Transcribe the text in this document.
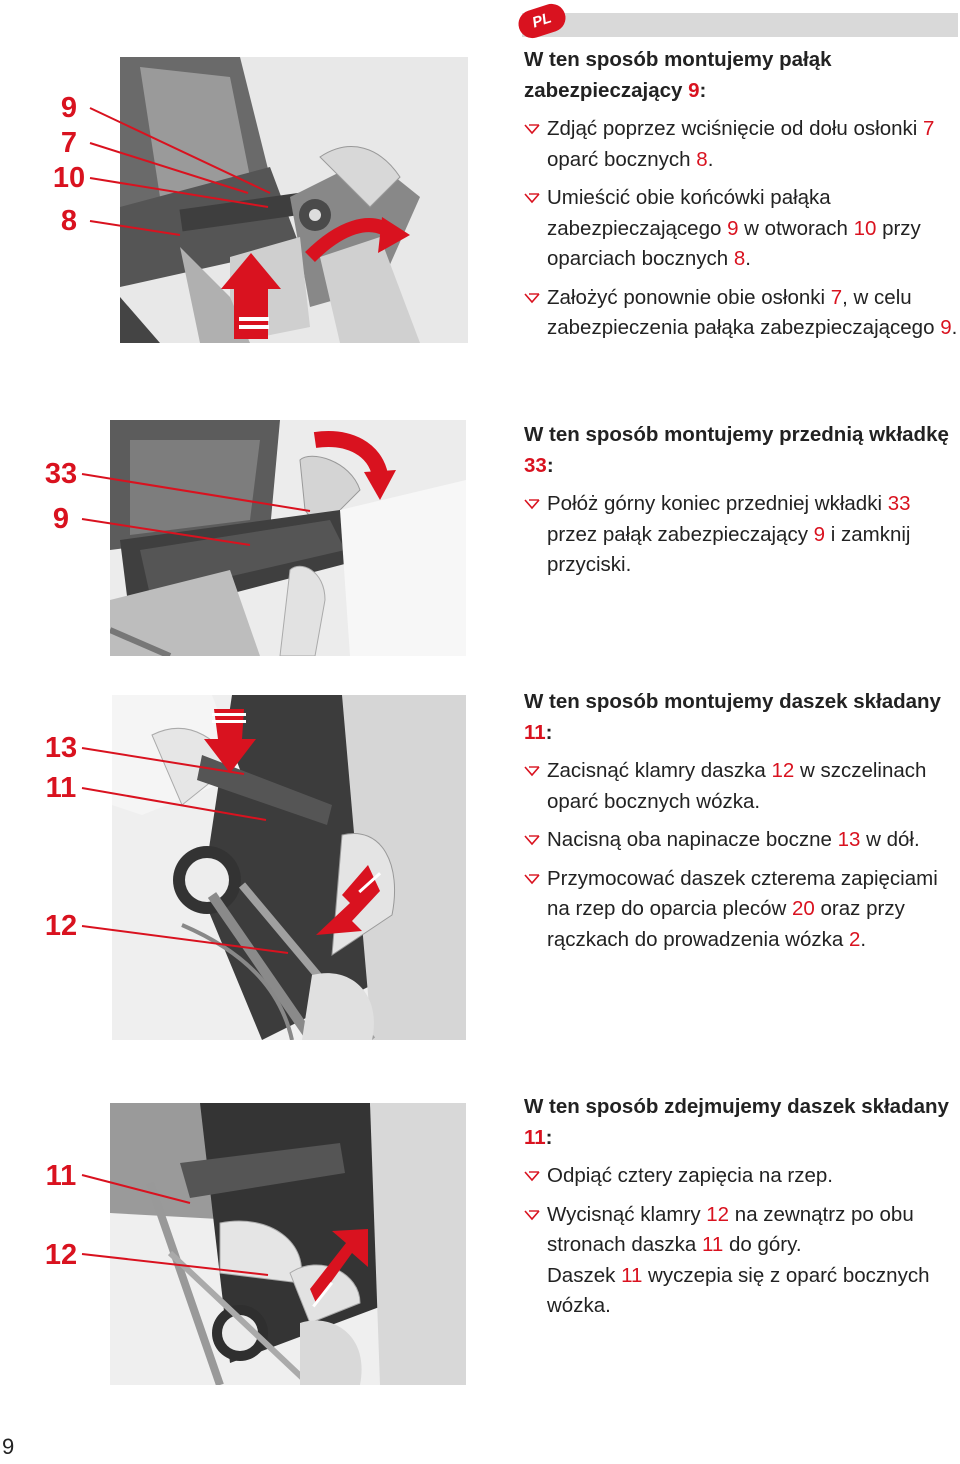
PL
9
7
10
8
W ten sposób montujemy pałąk zabezpieczający 9:
Zdjąć poprzez wciśnięcie od dołu osłonki 7 oparć bocznych 8.
Umieścić obie końcówki pałąka zabezpieczającego 9 w otworach 10 przy oparciach bocznych 8.
Założyć ponownie obie osłonki 7, w celu zabezpieczenia pałąka zabezpieczającego 9.
33
9
W ten sposób montujemy przednią wkładkę 33:
Połóż górny koniec przedniej wkładki 33 przez pałąk zabezpieczający 9 i zamknij przyciski.
13
11
12
W ten sposób montujemy daszek składany 11:
Zacisnąć klamry daszka 12 w szczelinach oparć bocznych wózka.
Nacisną oba napinacze boczne 13 w dół.
Przymocować daszek czterema zapięciami na rzep do oparcia pleców 20 oraz przy rączkach do prowadzenia wózka 2.
11
12
W ten sposób zdejmujemy daszek składany 11:
Odpiąć cztery zapięcia na rzep.
Wycisnąć klamry 12 na zewnątrz po obu stronach daszka 11 do góry.
Daszek 11 wyczepia się z oparć bocznych wózka.
9
